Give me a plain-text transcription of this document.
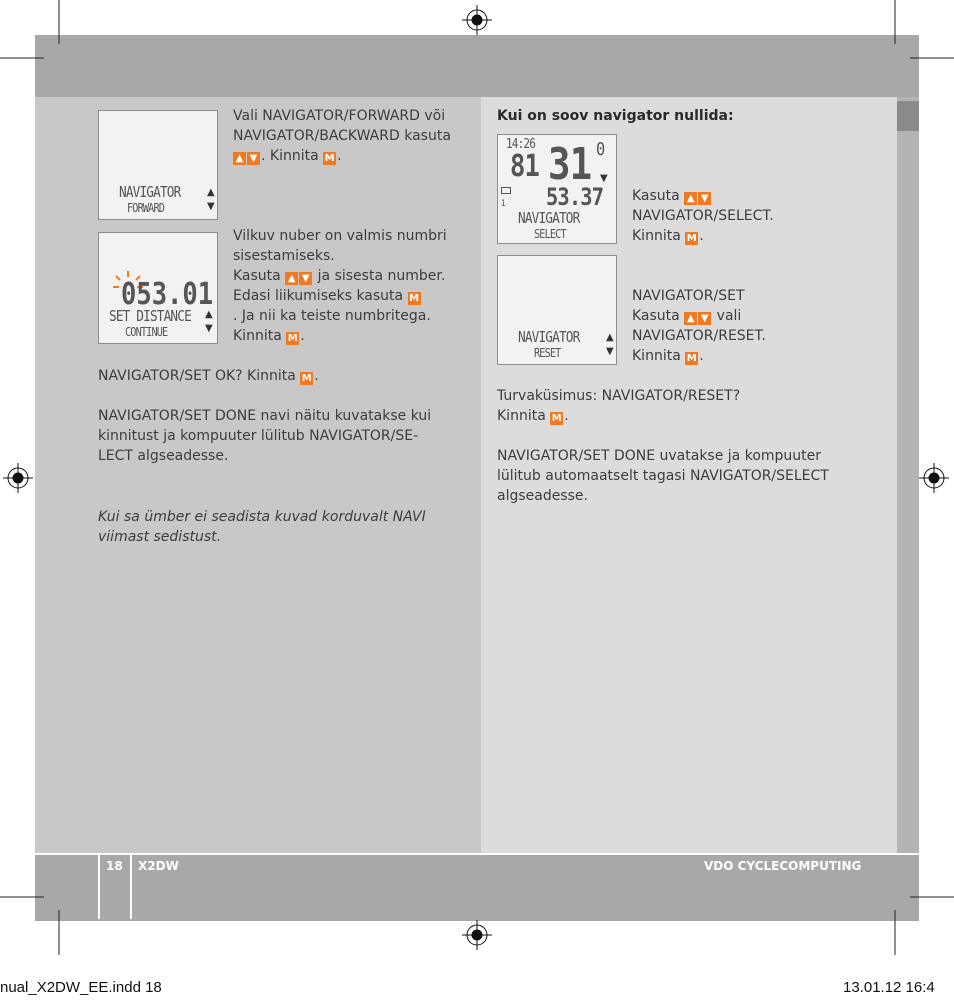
NAVIGATOR
FORWARD
▲
▼
Vali NAVIGATOR/FORWARD või
NAVIGATOR/BACKWARD kasuta
▲ ▼ . Kinnita M .
053.01
SET DISTANCE
CONTINUE
▲
▼
Vilkuv nuber on valmis numbri
sisestamiseks.
Kasuta ▲ ▼ ja sisesta number.
Edasi liikumiseks kasuta M
. Ja nii ka teiste numbritega.
Kinnita M .
NAVIGATOR/SET OK? Kinnita M .
NAVIGATOR/SET DONE navi näitu kuvatakse kui
kinnitust ja kompuuter lülitub NAVIGATOR/SE-
LECT algseadesse.
Kui sa ümber ei seadista kuvad korduvalt NAVI
viimast sedistust.
Kui on soov navigator nullida:
14:26
81 31 0
▼
1 53.37
NAVIGATOR
SELECT
Kasuta ▲ ▼
NAVIGATOR/SELECT.
Kinnita M .
NAVIGATOR
RESET
▲
▼
NAVIGATOR/SET
Kasuta ▲ ▼ vali
NAVIGATOR/RESET.
Kinnita M .
Turvaküsimus: NAVIGATOR/RESET?
Kinnita M .
NAVIGATOR/SET DONE uvatakse ja kompuuter
lülitub automaatselt tagasi NAVIGATOR/SELECT
algseadesse.
18 X2DW	VDO CYCLECOMPUTING
nual_X2DW_EE.indd 18	13.01.12 16:4
